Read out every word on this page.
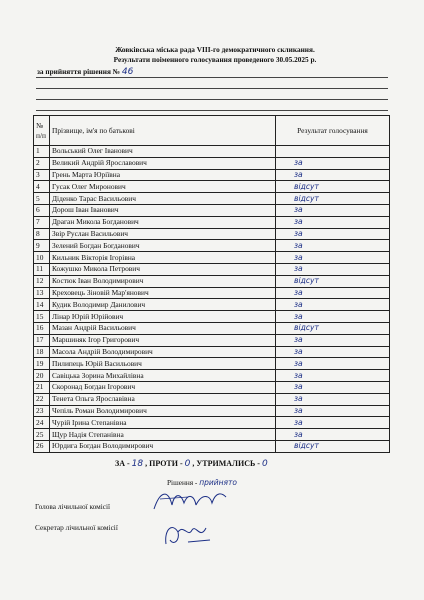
Жовківська міська рада VIII-го демократичного скликання.
Результати поіменного голосування проведеного 30.05.2025 р.
за прийняття рішення № 46
№ п/п	Прізвище, ім'я по батькові	Результат голосування
1	Вольський Олег Іванович	
2	Великий Андрій Ярославович	за
3	Грень Марта Юріївна	за
4	Гусак Олег Миронович	відсут
5	Діденко Тарас Васильович	відсут
6	Дорош Іван Іванович	за
7	Драган Микола Богданович	за
8	Звір Руслан Васильович	за
9	Зелений Богдан Богданович	за
10	Кильник Вікторія Ігорівна	за
11	Кожушко Микола Петрович	за
12	Костюк Іван Володимирович	відсут
13	Креховець Зіновій Мар'янович	за
14	Кудик Володимир Данилович	за
15	Лінар Юрій Юрійович	за
16	Мазан Андрій Васильович	відсут
17	Маршиняк Ігор Григорович	за
18	Масола Андрій Володимирович	за
19	Пилипець Юрій Васильович	за
20	Савіцька Зорина Михайлівна	за
21	Скоронад Богдан Ігорович	за
22	Тенета Ольга Ярославівна	за
23	Чепіль Роман Володимирович	за
24	Чурій Ірина Степанівна	за
25	Щур Надія Степанівна	за
26	Юрдига Богдан Володимирович	відсут
ЗА - 18 , ПРОТИ - 0 , УТРИМАЛИСЬ - 0
Рішення - прийнято
Голова лічильної комісії
Секретар лічильної комісії
